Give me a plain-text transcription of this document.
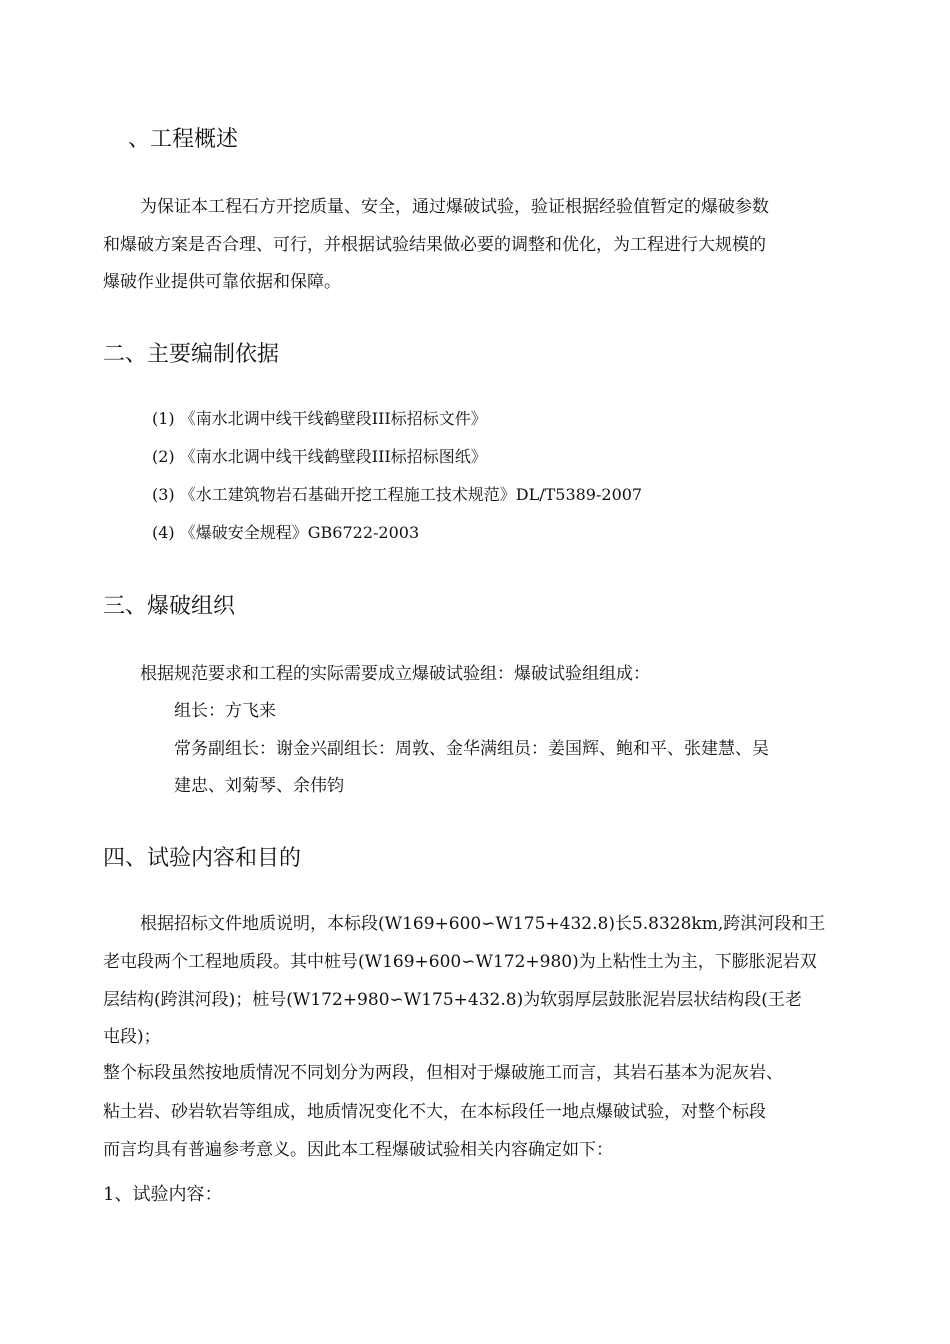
、工程概述
为保证本工程石方开挖质量、安全，通过爆破试验，验证根据经验值暂定的爆破参数
和爆破方案是否合理、可行，并根据试验结果做必要的调整和优化，为工程进行大规模的
爆破作业提供可靠依据和保障。
二、主要编制依据
(1) 《南水北调中线干线鹤壁段III标招标文件》
(2) 《南水北调中线干线鹤壁段III标招标图纸》
(3) 《水工建筑物岩石基础开挖工程施工技术规范》DL/T5389-2007
(4) 《爆破安全规程》GB6722-2003
三、爆破组织
根据规范要求和工程的实际需要成立爆破试验组：爆破试验组组成：
组长：方飞来
常务副组长：谢金兴副组长：周敦、金华满组员：姜国辉、鲍和平、张建慧、吴
建忠、刘菊琴、余伟钧
四、试验内容和目的
根据招标文件地质说明，本标段(W169+600∽W175+432.8)长5.8328km,跨淇河段和王
老屯段两个工程地质段。其中桩号(W169+600∽W172+980)为上粘性土为主，下膨胀泥岩双
层结构(跨淇河段)；桩号(W172+980∽W175+432.8)为软弱厚层鼓胀泥岩层状结构段(王老
屯段)；
整个标段虽然按地质情况不同划分为两段，但相对于爆破施工而言，其岩石基本为泥灰岩、
粘土岩、砂岩软岩等组成，地质情况变化不大，在本标段任一地点爆破试验，对整个标段
而言均具有普遍参考意义。因此本工程爆破试验相关内容确定如下：
1、试验内容：
